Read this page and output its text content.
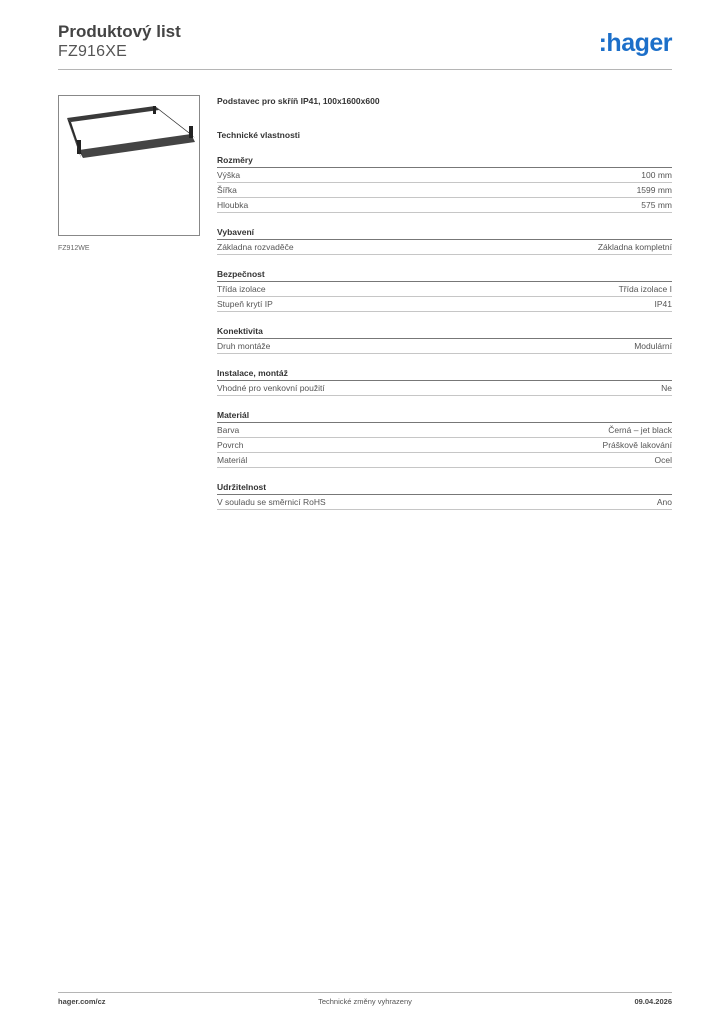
Produktový list
FZ916XE	:hager
FZ912WE
Podstavec pro skříň IP41, 100x1600x600
Technické vlastnosti
Rozměry
Výška	100 mm
Šířka	1599 mm
Hloubka	575 mm
Vybavení
Základna rozvaděče	Základna kompletní
Bezpečnost
Třída izolace	Třída izolace I
Stupeň krytí IP	IP41
Konektivita
Druh montáže	Modulární
Instalace, montáž
Vhodné pro venkovní použití	Ne
Materiál
Barva	Černá – jet black
Povrch	Práškově lakování
Materiál	Ocel
Udržitelnost
V souladu se směrnicí RoHS	Ano
hager.com/cz	Technické změny vyhrazeny	09.04.2026
